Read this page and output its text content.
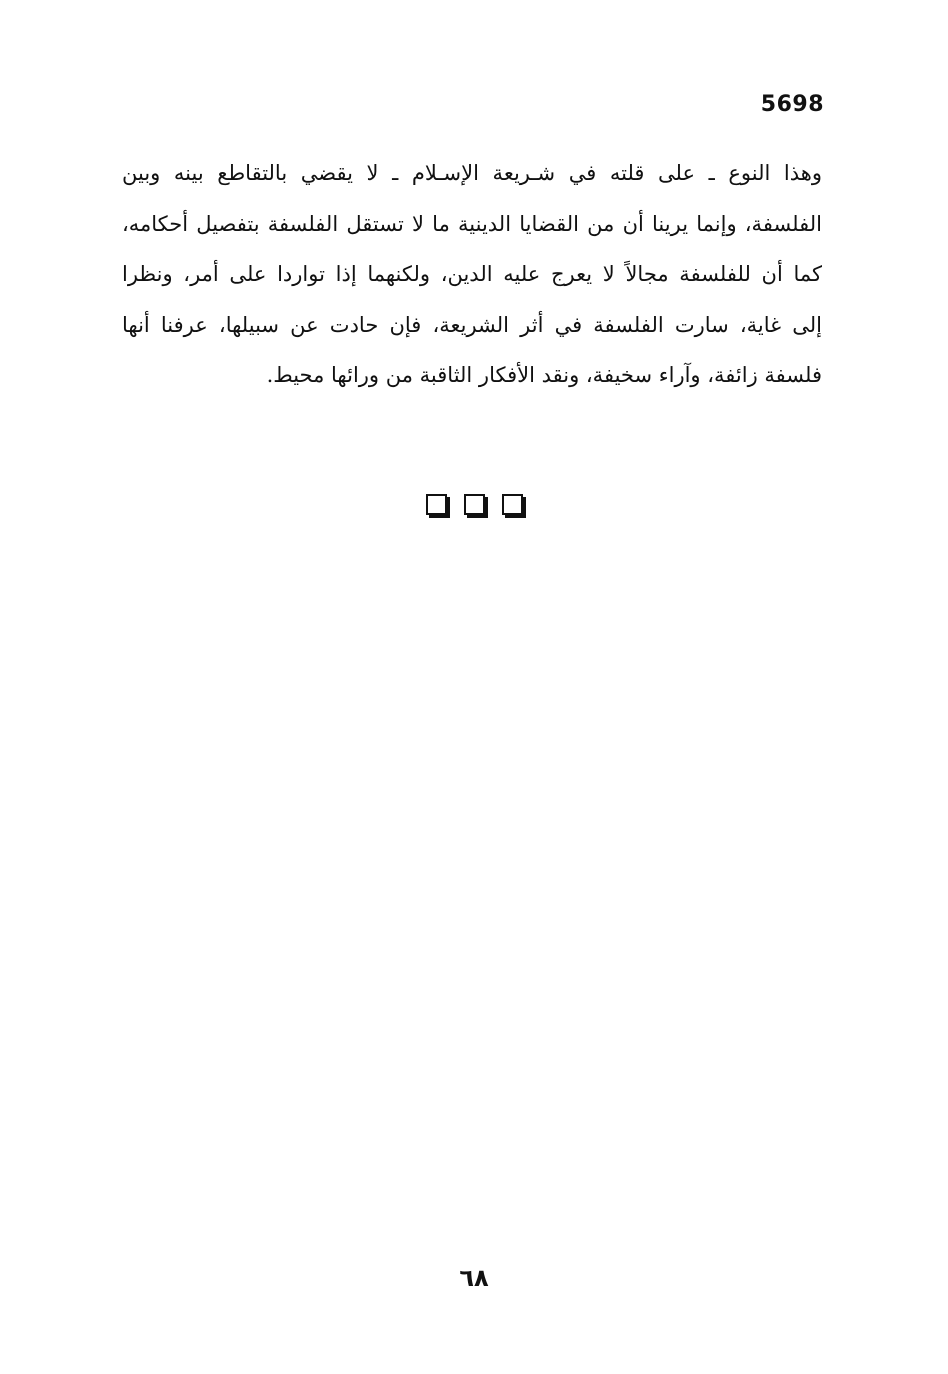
5698
وهذا النوع ـ على قلته في شـريعة الإسـلام ـ لا يقضي بالتقاطع بينه وبين
الفلسفة، وإنما يرينا أن من القضايا الدينية ما لا تستقل الفلسفة بتفصيل أحكامه،
كما أن للفلسفة مجالاً لا يعرج عليه الدين، ولكنهما إذا تواردا على أمر، ونظرا
إلى غاية، سارت الفلسفة في أثر الشريعة، فإن حادت عن سبيلها، عرفنا أنها
فلسفة زائفة، وآراء سخيفة، ونقد الأفكار الثاقبة من ورائها محيط.
٦٨
